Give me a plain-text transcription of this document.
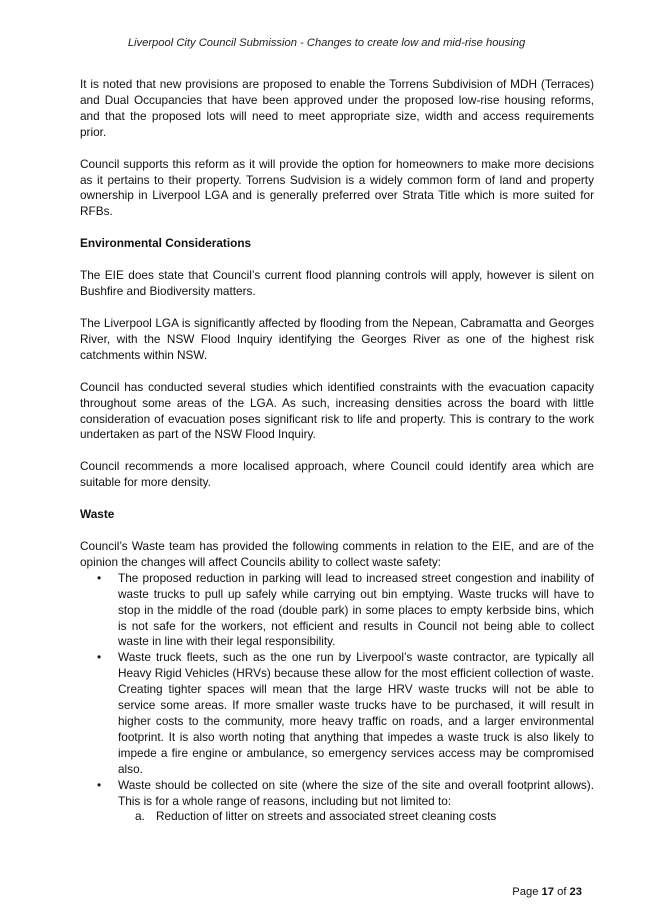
Liverpool City Council Submission - Changes to create low and mid-rise housing

It is noted that new provisions are proposed to enable the Torrens Subdivision of MDH (Terraces) and Dual Occupancies that have been approved under the proposed low-rise housing reforms, and that the proposed lots will need to meet appropriate size, width and access requirements prior.

Council supports this reform as it will provide the option for homeowners to make more decisions as it pertains to their property. Torrens Sudvision is a widely common form of land and property ownership in Liverpool LGA and is generally preferred over Strata Title which is more suited for RFBs.

Environmental Considerations

The EIE does state that Council’s current flood planning controls will apply, however is silent on Bushfire and Biodiversity matters.

The Liverpool LGA is significantly affected by flooding from the Nepean, Cabramatta and Georges River, with the NSW Flood Inquiry identifying the Georges River as one of the highest risk catchments within NSW.

Council has conducted several studies which identified constraints with the evacuation capacity throughout some areas of the LGA. As such, increasing densities across the board with little consideration of evacuation poses significant risk to life and property. This is contrary to the work undertaken as part of the NSW Flood Inquiry.

Council recommends a more localised approach, where Council could identify area which are suitable for more density.

Waste

Council’s Waste team has provided the following comments in relation to the EIE, and are of the opinion the changes will affect Councils ability to collect waste safety:

• The proposed reduction in parking will lead to increased street congestion and inability of waste trucks to pull up safely while carrying out bin emptying. Waste trucks will have to stop in the middle of the road (double park) in some places to empty kerbside bins, which is not safe for the workers, not efficient and results in Council not being able to collect waste in line with their legal responsibility.
• Waste truck fleets, such as the one run by Liverpool’s waste contractor, are typically all Heavy Rigid Vehicles (HRVs) because these allow for the most efficient collection of waste. Creating tighter spaces will mean that the large HRV waste trucks will not be able to service some areas. If more smaller waste trucks have to be purchased, it will result in higher costs to the community, more heavy traffic on roads, and a larger environmental footprint. It is also worth noting that anything that impedes a waste truck is also likely to impede a fire engine or ambulance, so emergency services access may be compromised also.
• Waste should be collected on site (where the size of the site and overall footprint allows). This is for a whole range of reasons, including but not limited to:
a. Reduction of litter on streets and associated street cleaning costs
Page 17 of 23
